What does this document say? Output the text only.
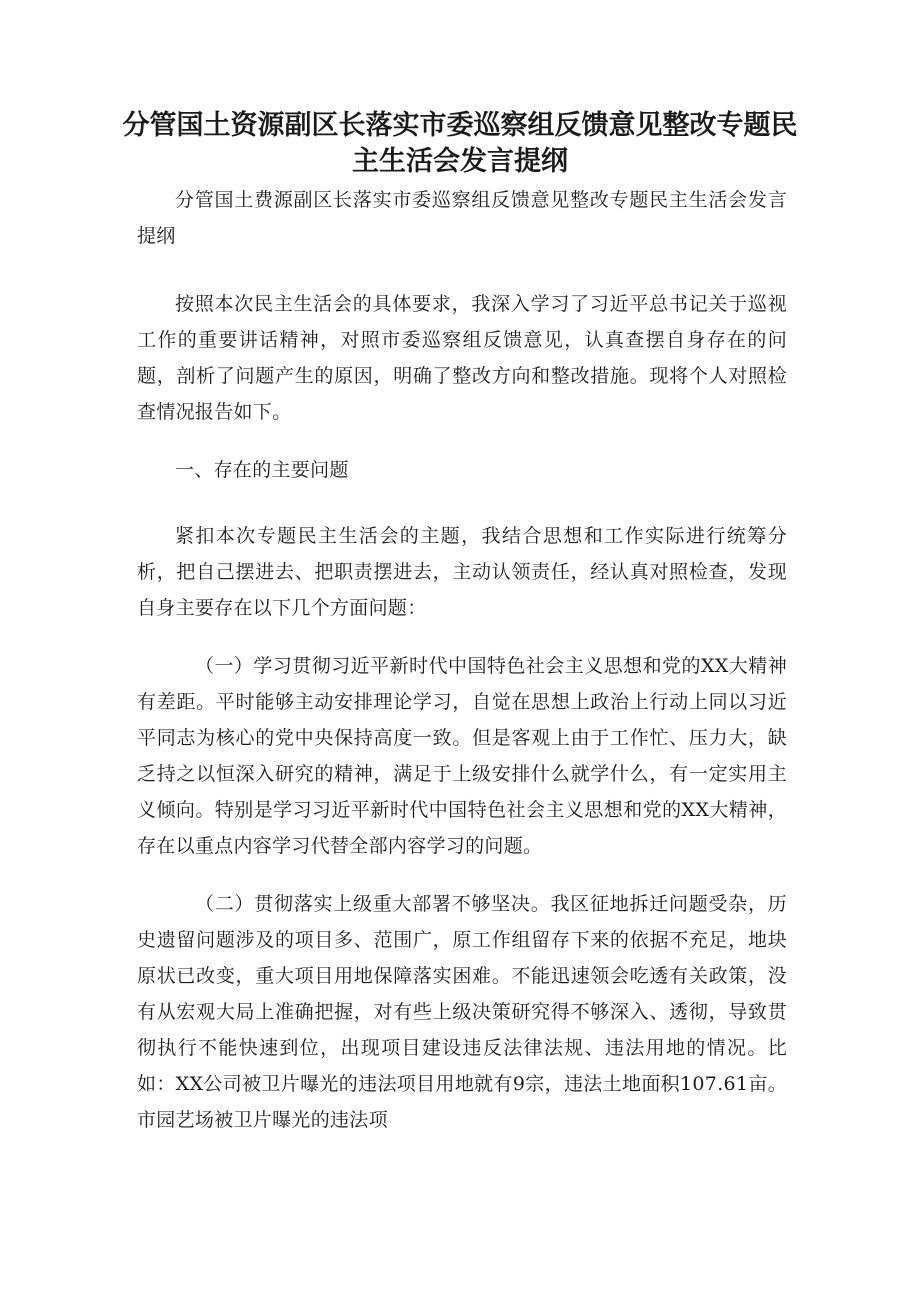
分管国土资源副区长落实市委巡察组反馈意见整改专题民主生活会发言提纲

分管国土费源副区长落实市委巡察组反馈意见整改专题民主生活会发言提纲

按照本次民主生活会的具体要求，我深入学习了习近平总书记关于巡视工作的重要讲话精神，对照市委巡察组反馈意见，认真查摆自身存在的问题，剖析了问题产生的原因，明确了整改方向和整改措施。现将个人对照检查情况报告如下。

一、存在的主要问题

紧扣本次专题民主生活会的主题，我结合思想和工作实际进行统筹分析，把自己摆进去、把职责摆进去，主动认领责任，经认真对照检查，发现自身主要存在以下几个方面问题：

（一）学习贯彻习近平新时代中国特色社会主义思想和党的XX大精神有差距。平时能够主动安排理论学习，自觉在思想上政治上行动上同以习近平同志为核心的党中央保持高度一致。但是客观上由于工作忙、压力大，缺乏持之以恒深入研究的精神，满足于上级安排什么就学什么，有一定实用主义倾向。特别是学习习近平新时代中国特色社会主义思想和党的XX大精神，存在以重点内容学习代替全部内容学习的问题。

（二）贯彻落实上级重大部署不够坚决。我区征地拆迁问题受杂，历史遗留问题涉及的项目多、范围广，原工作组留存下来的依据不充足，地块原状已改变，重大项目用地保障落实困难。不能迅速领会吃透有关政策，没有从宏观大局上准确把握，对有些上级决策研究得不够深入、透彻，导致贯彻执行不能快速到位，出现项目建设违反法律法规、违法用地的情况。比如：XX公司被卫片曝光的违法项目用地就有9宗，违法土地面积107.61亩。市园艺场被卫片曝光的违法项
